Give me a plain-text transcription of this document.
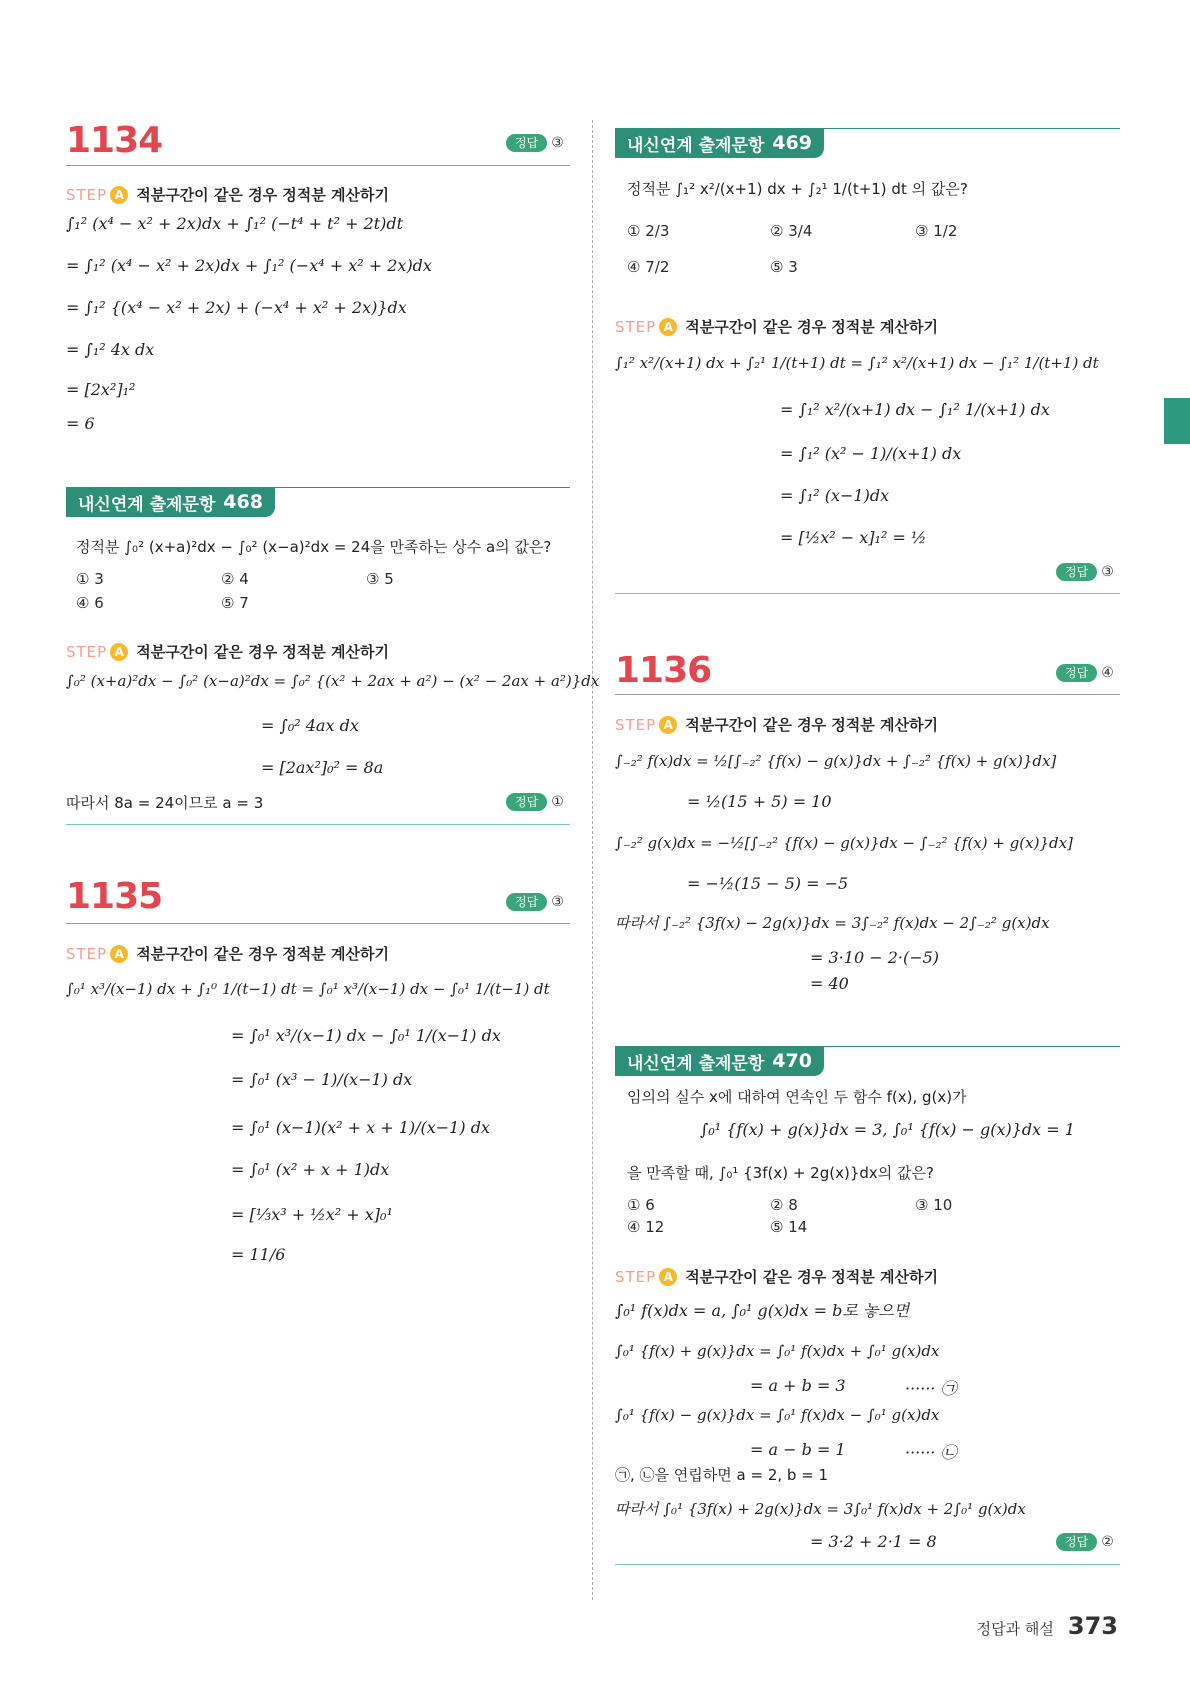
1134	정답 ③
STEP A 적분구간이 같은 경우 정적분 계산하기
∫₁² (x⁴ − x² + 2x)dx + ∫₁² (−t⁴ + t² + 2t)dt
= ∫₁² (x⁴ − x² + 2x)dx + ∫₁² (−x⁴ + x² + 2x)dx
= ∫₁² {(x⁴ − x² + 2x) + (−x⁴ + x² + 2x)}dx
= ∫₁² 4x dx
= [2x²]₁²
= 6
내신연계 출제문항 468
정적분 ∫₀² (x+a)²dx − ∫₀² (x−a)²dx = 24을 만족하는 상수 a의 값은?
① 3	② 4	③ 5
④ 6	⑤ 7
STEP A 적분구간이 같은 경우 정적분 계산하기
∫₀² (x+a)²dx − ∫₀² (x−a)²dx = ∫₀² {(x² + 2ax + a²) − (x² − 2ax + a²)}dx
= ∫₀² 4ax dx
= [2ax²]₀² = 8a
따라서 8a = 24이므로 a = 3	정답 ①
1135	정답 ③
STEP A 적분구간이 같은 경우 정적분 계산하기
∫₀¹ x³/(x−1) dx + ∫₁⁰ 1/(t−1) dt = ∫₀¹ x³/(x−1) dx − ∫₀¹ 1/(t−1) dt
= ∫₀¹ x³/(x−1) dx − ∫₀¹ 1/(x−1) dx
= ∫₀¹ (x³ − 1)/(x−1) dx
= ∫₀¹ (x−1)(x² + x + 1)/(x−1) dx
= ∫₀¹ (x² + x + 1)dx
= [⅓x³ + ½x² + x]₀¹
= 11/6
내신연계 출제문항 469
정적분 ∫₁² x²/(x+1) dx + ∫₂¹ 1/(t+1) dt 의 값은?
① 2/3	② 3/4	③ 1/2
④ 7/2	⑤ 3
STEP A 적분구간이 같은 경우 정적분 계산하기
∫₁² x²/(x+1) dx + ∫₂¹ 1/(t+1) dt = ∫₁² x²/(x+1) dx − ∫₁² 1/(t+1) dt
= ∫₁² x²/(x+1) dx − ∫₁² 1/(x+1) dx
= ∫₁² (x² − 1)/(x+1) dx
= ∫₁² (x−1)dx
= [½x² − x]₁² = ½
정답 ③
1136	정답 ④
STEP A 적분구간이 같은 경우 정적분 계산하기
∫₋₂² f(x)dx = ½[∫₋₂² {f(x) − g(x)}dx + ∫₋₂² {f(x) + g(x)}dx]
= ½(15 + 5) = 10
∫₋₂² g(x)dx = −½[∫₋₂² {f(x) − g(x)}dx − ∫₋₂² {f(x) + g(x)}dx]
= −½(15 − 5) = −5
따라서 ∫₋₂² {3f(x) − 2g(x)}dx = 3∫₋₂² f(x)dx − 2∫₋₂² g(x)dx
= 3·10 − 2·(−5)
= 40
내신연계 출제문항 470
임의의 실수 x에 대하여 연속인 두 함수 f(x), g(x)가
∫₀¹ {f(x) + g(x)}dx = 3, ∫₀¹ {f(x) − g(x)}dx = 1
을 만족할 때, ∫₀¹ {3f(x) + 2g(x)}dx의 값은?
① 6	② 8	③ 10
④ 12	⑤ 14
STEP A 적분구간이 같은 경우 정적분 계산하기
∫₀¹ f(x)dx = a, ∫₀¹ g(x)dx = b로 놓으면
∫₀¹ {f(x) + g(x)}dx = ∫₀¹ f(x)dx + ∫₀¹ g(x)dx
= a + b = 3	······ ㉠
∫₀¹ {f(x) − g(x)}dx = ∫₀¹ f(x)dx − ∫₀¹ g(x)dx
= a − b = 1	······ ㉡
㉠, ㉡을 연립하면 a = 2, b = 1
따라서 ∫₀¹ {3f(x) + 2g(x)}dx = 3∫₀¹ f(x)dx + 2∫₀¹ g(x)dx
= 3·2 + 2·1 = 8	정답 ②
정답과 해설 373
